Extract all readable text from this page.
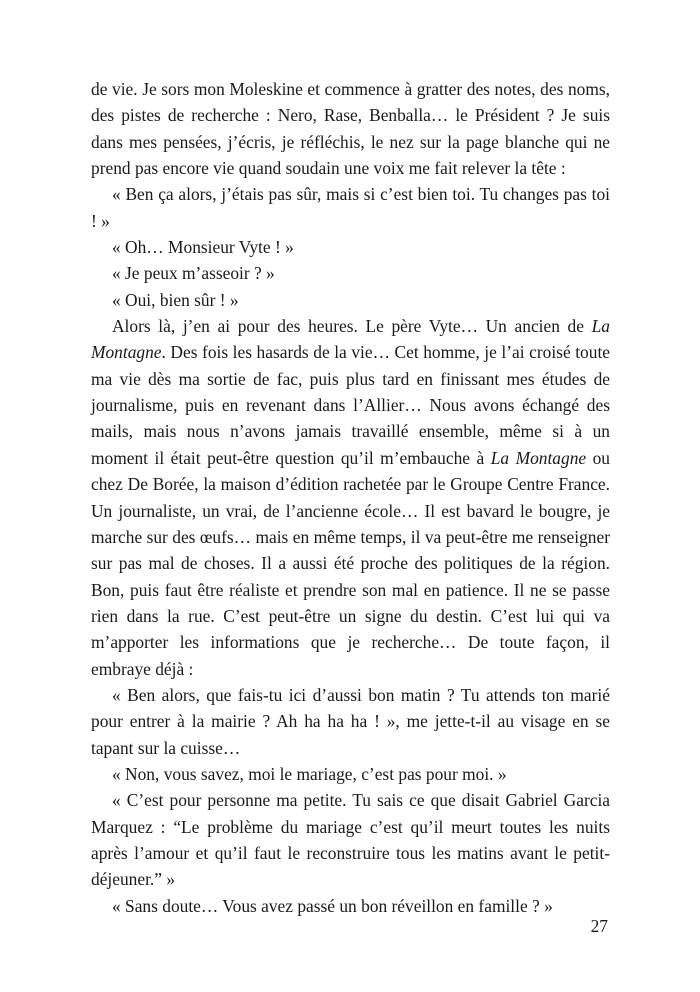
de vie. Je sors mon Moleskine et commence à gratter des notes, des noms, des pistes de recherche : Nero, Rase, Benballa… le Président ? Je suis dans mes pensées, j’écris, je réfléchis, le nez sur la page blanche qui ne prend pas encore vie quand soudain une voix me fait relever la tête :

« Ben ça alors, j’étais pas sûr, mais si c’est bien toi. Tu changes pas toi ! »

« Oh… Monsieur Vyte ! »

« Je peux m’asseoir ? »

« Oui, bien sûr ! »

Alors là, j’en ai pour des heures. Le père Vyte… Un ancien de La Montagne. Des fois les hasards de la vie… Cet homme, je l’ai croisé toute ma vie dès ma sortie de fac, puis plus tard en finissant mes études de journalisme, puis en revenant dans l’Allier… Nous avons échangé des mails, mais nous n’avons jamais travaillé ensemble, même si à un moment il était peut-être question qu’il m’embauche à La Montagne ou chez De Borée, la maison d’édition rachetée par le Groupe Centre France. Un journaliste, un vrai, de l’ancienne école… Il est bavard le bougre, je marche sur des œufs… mais en même temps, il va peut-être me renseigner sur pas mal de choses. Il a aussi été proche des politiques de la région. Bon, puis faut être réaliste et prendre son mal en patience. Il ne se passe rien dans la rue. C’est peut-être un signe du destin. C’est lui qui va m’apporter les informations que je recherche… De toute façon, il embraye déjà :

« Ben alors, que fais-tu ici d’aussi bon matin ? Tu attends ton marié pour entrer à la mairie ? Ah ha ha ha ! », me jette-t-il au visage en se tapant sur la cuisse…

« Non, vous savez, moi le mariage, c’est pas pour moi. »

« C’est pour personne ma petite. Tu sais ce que disait Gabriel Garcia Marquez : “Le problème du mariage c’est qu’il meurt toutes les nuits après l’amour et qu’il faut le reconstruire tous les matins avant le petit-déjeuner.” »

« Sans doute… Vous avez passé un bon réveillon en famille ? »

27
